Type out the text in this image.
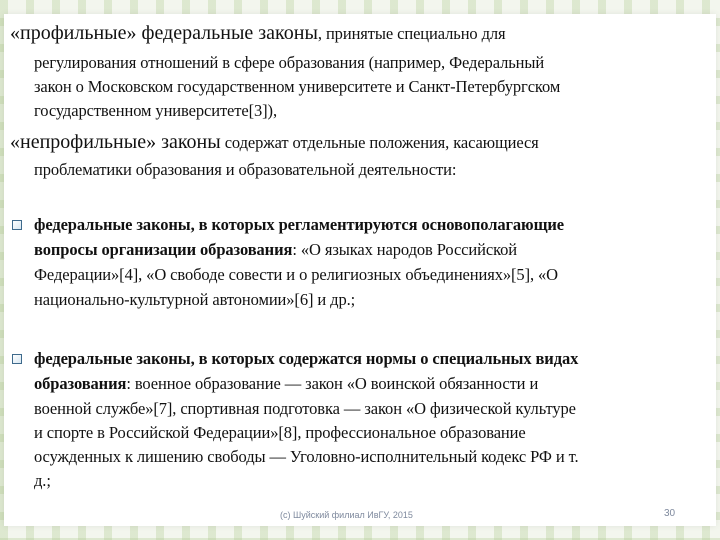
«профильные» федеральные законы, принятые специально для
регулирования отношений в сфере образования (например, Федеральный
закон о Московском государственном университете и Санкт-Петербургском
государственном университете[3]),
«непрофильные» законы содержат отдельные положения, касающиеся
проблематики образования и образовательной деятельности:
федеральные законы, в которых регламентируются основополагающие
вопросы организации образования: «О языках народов Российской
Федерации»[4], «О свободе совести и о религиозных объединениях»[5], «О
национально-культурной автономии»[6] и др.;
федеральные законы, в которых содержатся нормы о специальных видах
образования: военное образование — закон «О воинской обязанности и
военной службе»[7], спортивная подготовка — закон «О физической культуре
и спорте в Российской Федерации»[8], профессиональное образование
осужденных к лишению свободы — Уголовно-исполнительный кодекс РФ и т.
д.;
(c) Шуйский филиал ИвГУ, 2015	30
